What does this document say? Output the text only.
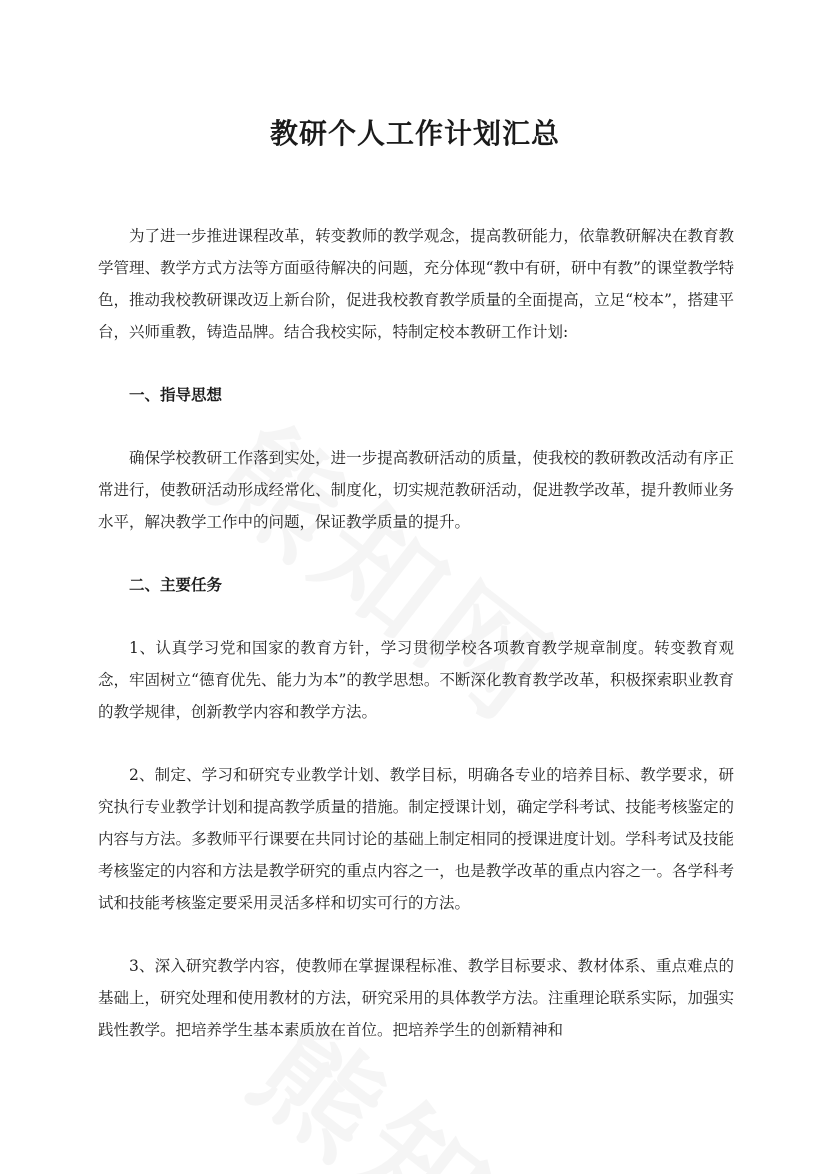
教研个人工作计划汇总

为了进一步推进课程改革，转变教师的教学观念，提高教研能力，依靠教研解决在教育教学管理、教学方式方法等方面亟待解决的问题，充分体现“教中有研，研中有教”的课堂教学特色，推动我校教研课改迈上新台阶，促进我校教育教学质量的全面提高，立足“校本”，搭建平台，兴师重教，铸造品牌。结合我校实际，特制定校本教研工作计划:

一、指导思想

确保学校教研工作落到实处，进一步提高教研活动的质量，使我校的教研教改活动有序正常进行，使教研活动形成经常化、制度化，切实规范教研活动，促进教学改革，提升教师业务水平，解决教学工作中的问题，保证教学质量的提升。

二、主要任务

1、认真学习党和国家的教育方针，学习贯彻学校各项教育教学规章制度。转变教育观念，牢固树立“德育优先、能力为本”的教学思想。不断深化教育教学改革，积极探索职业教育的教学规律，创新教学内容和教学方法。

2、制定、学习和研究专业教学计划、教学目标，明确各专业的培养目标、教学要求，研究执行专业教学计划和提高教学质量的措施。制定授课计划，确定学科考试、技能考核鉴定的内容与方法。多教师平行课要在共同讨论的基础上制定相同的授课进度计划。学科考试及技能考核鉴定的内容和方法是教学研究的重点内容之一，也是教学改革的重点内容之一。各学科考试和技能考核鉴定要采用灵活多样和切实可行的方法。

3、深入研究教学内容，使教师在掌握课程标准、教学目标要求、教材体系、重点难点的基础上，研究处理和使用教材的方法，研究采用的具体教学方法。注重理论联系实际，加强实践性教学。把培养学生基本素质放在首位。把培养学生的创新精神和
